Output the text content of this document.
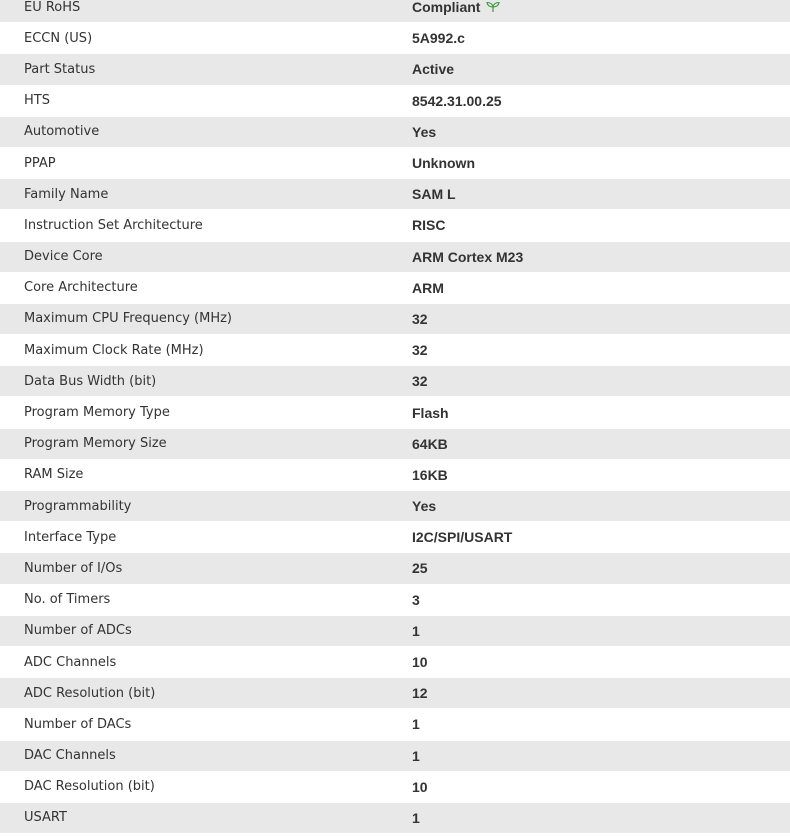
EU RoHS	Compliant
ECCN (US)	5A992.c
Part Status	Active
HTS	8542.31.00.25
Automotive	Yes
PPAP	Unknown
Family Name	SAM L
Instruction Set Architecture	RISC
Device Core	ARM Cortex M23
Core Architecture	ARM
Maximum CPU Frequency (MHz)	32
Maximum Clock Rate (MHz)	32
Data Bus Width (bit)	32
Program Memory Type	Flash
Program Memory Size	64KB
RAM Size	16KB
Programmability	Yes
Interface Type	I2C/SPI/USART
Number of I/Os	25
No. of Timers	3
Number of ADCs	1
ADC Channels	10
ADC Resolution (bit)	12
Number of DACs	1
DAC Channels	1
DAC Resolution (bit)	10
USART	1
